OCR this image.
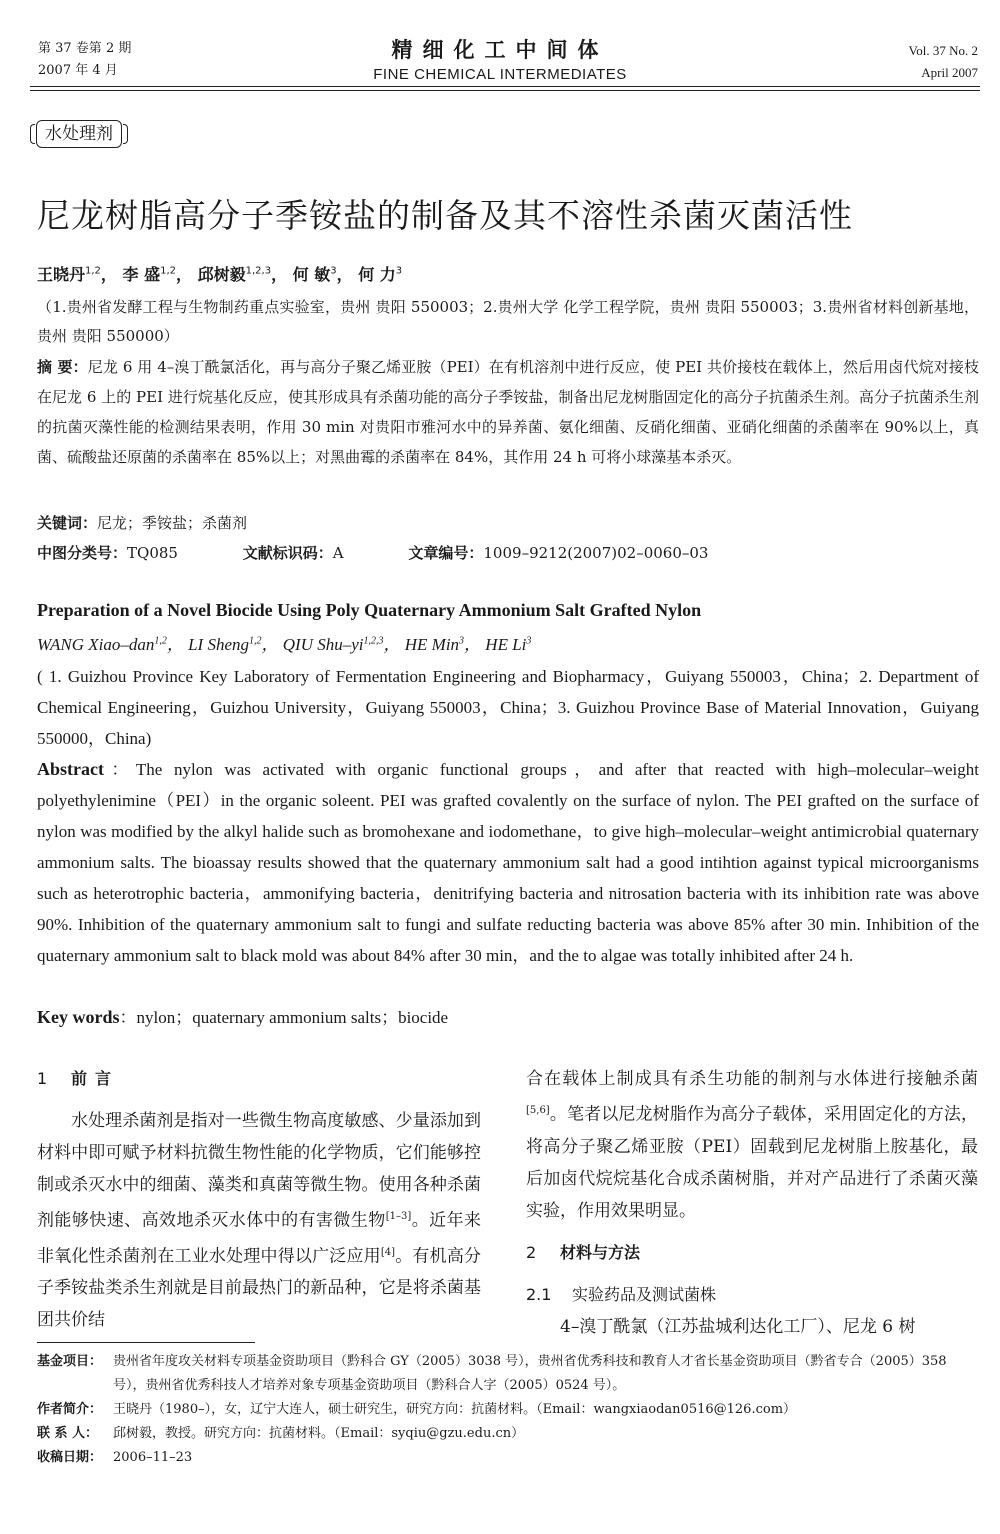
第 37 卷第 2 期
2007 年 4 月
精细化工中间体
FINE CHEMICAL INTERMEDIATES
Vol. 37 No. 2
April 2007
水处理剂
尼龙树脂高分子季铵盐的制备及其不溶性杀菌灭菌活性
王晓丹$^{1,2}$， 李 盛$^{1,2}$， 邱树毅$^{1,2,3}$， 何 敏$^3$， 何 力$^3$
（1.贵州省发酵工程与生物制药重点实验室，贵州 贵阳 550003；2.贵州大学 化学工程学院，贵州 贵阳 550003；3.贵州省材料创新基地，贵州 贵阳 550000）
摘 要：尼龙 6 用 4–溴丁酰氯活化，再与高分子聚乙烯亚胺（PEI）在有机溶剂中进行反应，使 PEI 共价接枝在载体上，然后用卤代烷对接枝在尼龙 6 上的 PEI 进行烷基化反应，使其形成具有杀菌功能的高分子季铵盐，制备出尼龙树脂固定化的高分子抗菌杀生剂。高分子抗菌杀生剂的抗菌灭藻性能的检测结果表明，作用 30 min 对贵阳市雅河水中的异养菌、氨化细菌、反硝化细菌、亚硝化细菌的杀菌率在 90%以上，真菌、硫酸盐还原菌的杀菌率在 85%以上；对黑曲霉的杀菌率在 84%，其作用 24 h 可将小球藻基本杀灭。
关键词：尼龙；季铵盐；杀菌剂
中图分类号：TQ085	文献标识码：A	文章编号：1009–9212(2007)02–0060–03
Preparation of a Novel Biocide Using Poly Quaternary Ammonium Salt Grafted Nylon
WANG Xiao–dan$^{1,2}$， LI Sheng$^{1,2}$， QIU Shu–yi$^{1,2,3}$， HE Min$^3$， HE Li$^3$
( 1. Guizhou Province Key Laboratory of Fermentation Engineering and Biopharmacy，Guiyang 550003，China；2. Department of Chemical Engineering，Guizhou University，Guiyang 550003，China；3. Guizhou Province Base of Material Innovation，Guiyang 550000，China)
Abstract：The nylon was activated with organic functional groups，and after that reacted with high–molecular–weight polyethylenimine（PEI）in the organic soleent. PEI was grafted covalently on the surface of nylon. The PEI grafted on the surface of nylon was modified by the alkyl halide such as bromohexane and iodomethane，to give high–molecular–weight antimicrobial quaternary ammonium salts. The bioassay results showed that the quaternary ammonium salt had a good intihtion against typical microorganisms such as heterotrophic bacteria，ammonifying bacteria，denitrifying bacteria and nitrosation bacteria with its inhibition rate was above 90%. Inhibition of the quaternary ammonium salt to fungi and sulfate reducting bacteria was above 85% after 30 min. Inhibition of the quaternary ammonium salt to black mold was about 84% after 30 min，and the to algae was totally inhibited after 24 h.
Key words：nylon；quaternary ammonium salts；biocide
1 前言
水处理杀菌剂是指对一些微生物高度敏感、少量添加到材料中即可赋予材料抗微生物性能的化学物质，它们能够控制或杀灭水中的细菌、藻类和真菌等微生物。使用各种杀菌剂能够快速、高效地杀灭水体中的有害微生物[1–3]。近年来非氧化性杀菌剂在工业水处理中得以广泛应用[4]。有机高分子季铵盐类杀生剂就是目前最热门的新品种，它是将杀菌基团共价结
合在载体上制成具有杀生功能的制剂与水体进行接触杀菌[5,6]。笔者以尼龙树脂作为高分子载体，采用固定化的方法，将高分子聚乙烯亚胺（PEI）固载到尼龙树脂上胺基化，最后加卤代烷烷基化合成杀菌树脂，并对产品进行了杀菌灭藻实验，作用效果明显。
2 材料与方法
2.1 实验药品及测试菌株
4–溴丁酰氯（江苏盐城利达化工厂）、尼龙 6 树
基金项目： 贵州省年度攻关材料专项基金资助项目（黔科合 GY（2005）3038 号），贵州省优秀科技和教育人才省长基金资助项目（黔省专合（2005）358 号），贵州省优秀科技人才培养对象专项基金资助项目（黔科合人字（2005）0524 号）。
作者简介： 王晓丹（1980–），女，辽宁大连人，硕士研究生，研究方向：抗菌材料。（Email：wangxiaodan0516@126.com）
联 系 人：	邱树毅，教授。研究方向：抗菌材料。（Email：syqiu@gzu.edu.cn）
收稿日期： 2006–11–23
